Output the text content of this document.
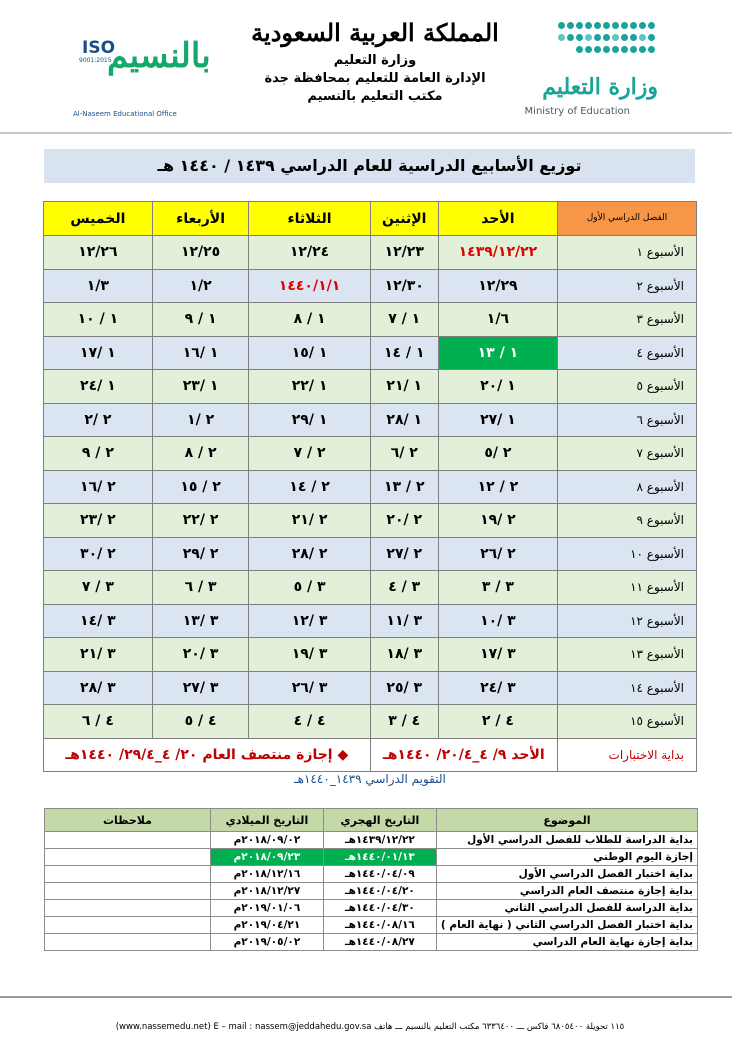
وزارة التعليم
Ministry of Education
المملكة العربية السعودية
وزارة التعليم
الإدارة العامة للتعليم بمحافظة جدة
مكتب التعليم بالنسيم
ISO
9001:2015
بالنسيم
Al-Naseem Educational Office
توزيع الأسابيع الدراسية للعام الدراسي ١٤٣٩ / ١٤٤٠ هـ
الفصل الدراسي الأول	الأحد	الإثنين	الثلاثاء	الأربعاء	الخميس
الأسبوع ١	١٤٣٩/١٢/٢٢	١٢/٢٣	١٢/٢٤	١٢/٢٥	١٢/٢٦
الأسبوع ٢	١٢/٢٩	١٢/٣٠	١٤٤٠/١/١	١/٢	١/٣
الأسبوع ٣	١/٦	١ / ٧	١ / ٨	١ / ٩	١ / ١٠
الأسبوع ٤	١ / ١٣	١ / ١٤	١ /١٥	١ /١٦	١ /١٧
الأسبوع ٥	١ /٢٠	١ /٢١	١ /٢٢	١ /٢٣	١ /٢٤
الأسبوع ٦	١ /٢٧	١ /٢٨	١ /٢٩	٢ /١	٢ /٢
الأسبوع ٧	٢ /٥	٢ /٦	٢ / ٧	٢ / ٨	٢ / ٩
الأسبوع ٨	٢ / ١٢	٢ / ١٣	٢ / ١٤	٢ / ١٥	٢ /١٦
الأسبوع ٩	٢ /١٩	٢ /٢٠	٢ /٢١	٢ /٢٢	٢ /٢٣
الأسبوع ١٠	٢ /٢٦	٢ /٢٧	٢ /٢٨	٢ /٢٩	٢ /٣٠
الأسبوع ١١	٣ / ٣	٣ / ٤	٣ / ٥	٣ / ٦	٣ / ٧
الأسبوع ١٢	٣ /١٠	٣ /١١	٣ /١٢	٣ /١٣	٣ /١٤
الأسبوع ١٣	٣ /١٧	٣ /١٨	٣ /١٩	٣ /٢٠	٣ /٢١
الأسبوع ١٤	٣ /٢٤	٣ /٢٥	٣ /٢٦	٣ /٢٧	٣ /٢٨
الأسبوع ١٥	٤ / ٢	٤ / ٣	٤ / ٤	٤ / ٥	٤ / ٦
بداية الاختبارات	الأحد ٩/ ٤_٢٠/٤/ ١٤٤٠هـ		◆ إجازة منتصف العام ٢٠/ ٤_٢٩/٤/ ١٤٤٠هـ		
التقويم الدراسي ١٤٣٩_١٤٤٠هـ
الموضوع	التاريخ الهجري	التاريخ الميلادي	ملاحظات
بداية الدراسة للطلاب للفصل الدراسي الأول	١٤٣٩/١٢/٢٢هـ	٢٠١٨/٠٩/٠٢م	
إجازة اليوم الوطني	١٤٤٠/٠١/١٣هـ	٢٠١٨/٠٩/٢٣م	
بداية اختبار الفصل الدراسي الأول	١٤٤٠/٠٤/٠٩هـ	٢٠١٨/١٢/١٦م	
بداية إجازة منتصف العام الدراسي	١٤٤٠/٠٤/٢٠هـ	٢٠١٨/١٢/٢٧م	
بداية الدراسة للفصل الدراسي الثاني	١٤٤٠/٠٤/٣٠هـ	٢٠١٩/٠١/٠٦م	
بداية اختبار الفصل الدراسي الثاني ( نهاية العام )	١٤٤٠/٠٨/١٦هـ	٢٠١٩/٠٤/٢١م	
بداية إجازة نهاية العام الدراسي	١٤٤٠/٠٨/٢٧هـ	٢٠١٩/٠٥/٠٢م	
(www.nassemedu.net) E – mail : nassem@jeddahedu.gov.sa ١١٥ تحويلة ٦٨٠٥٤٠٠ فاكس ـــ ٦٣٣٦٤٠٠ مكتب التعليم بالنسيم ـــ هاتف
